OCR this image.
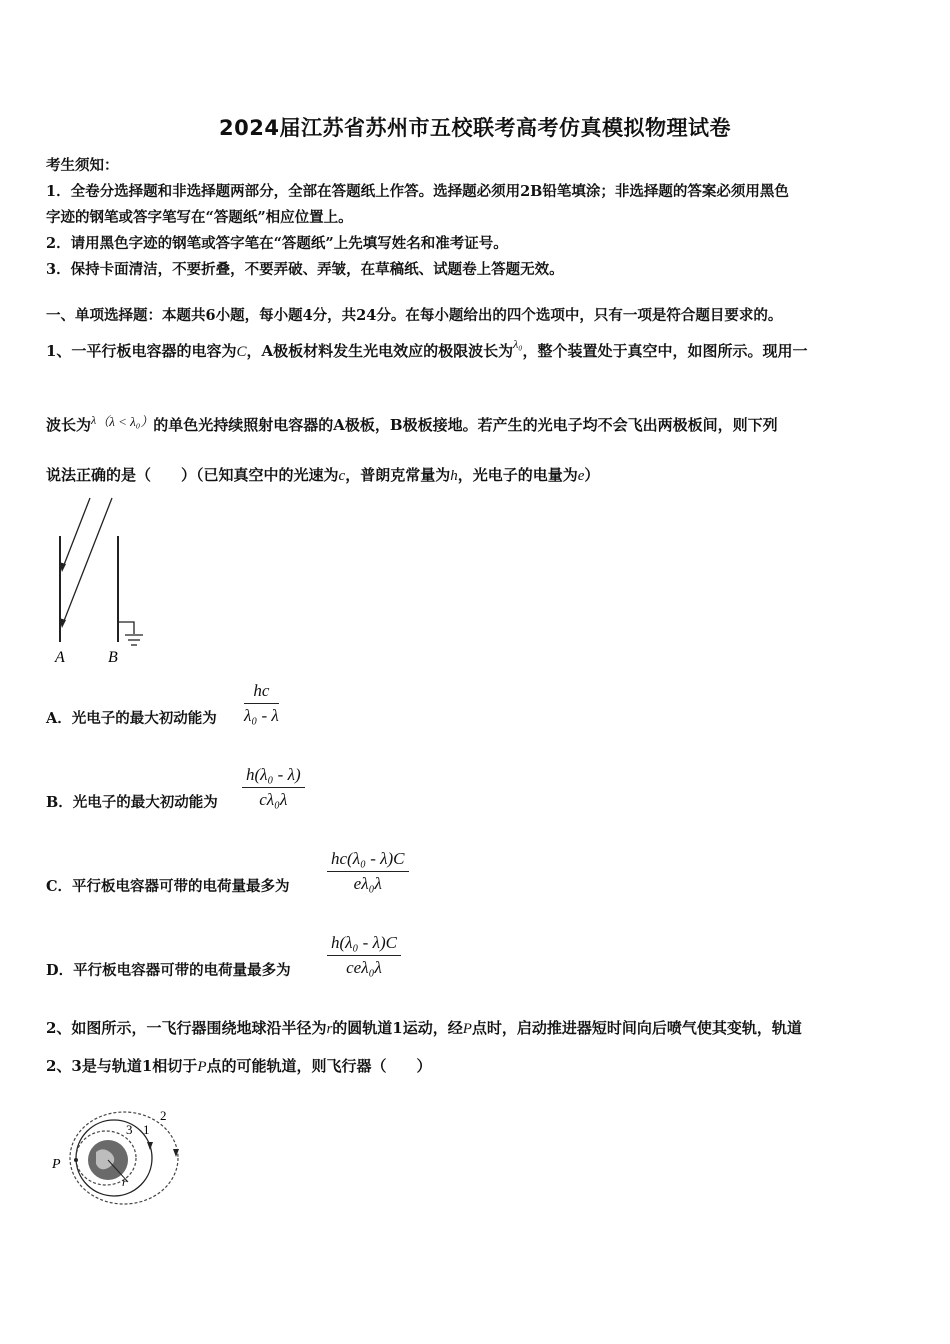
2024届江苏省苏州市五校联考高考仿真模拟物理试卷
考生须知：
1．全卷分选择题和非选择题两部分，全部在答题纸上作答。选择题必须用2B铅笔填涂；非选择题的答案必须用黑色
字迹的钢笔或答字笔写在“答题纸”相应位置上。
2．请用黑色字迹的钢笔或答字笔在“答题纸”上先填写姓名和准考证号。
3．保持卡面清洁，不要折叠，不要弄破、弄皱，在草稿纸、试题卷上答题无效。
一、单项选择题：本题共6小题，每小题4分，共24分。在每小题给出的四个选项中，只有一项是符合题目要求的。
1、一平行板电容器的电容为C，A极板材料发生光电效应的极限波长为$^{\lambda_0}$，整个装置处于真空中，如图所示。现用一
波长为$^\lambda$（λ < λ₀）的单色光持续照射电容器的A极板，B极板接地。若产生的光电子均不会飞出两极板间，则下列
说法正确的是（　　）（已知真空中的光速为c，普朗克常量为h，光电子的电量为e）
A	B
A．光电子的最大初动能为 $\frac{hc}{\text{λ₀ - λ}}$
B．光电子的最大初动能为 $\frac{\text{h(λ₀ - λ)}}{\text{cλ₀λ}}$
C．平行板电容器可带的电荷量最多为 $\frac{\text{hc(λ₀ - λ)C}}{\text{eλ₀λ}}$
D．平行板电容器可带的电荷量最多为
h(λ₀ - λ)C
ceλ₀λ
2、如图所示，一飞行器围绕地球沿半径为r的圆轨道1运动，经P点时，启动推进器短时间向后喷气使其变轨，轨道
2、3是与轨道1相切于P点的可能轨道，则飞行器（　　）
P
r
1
2
3
